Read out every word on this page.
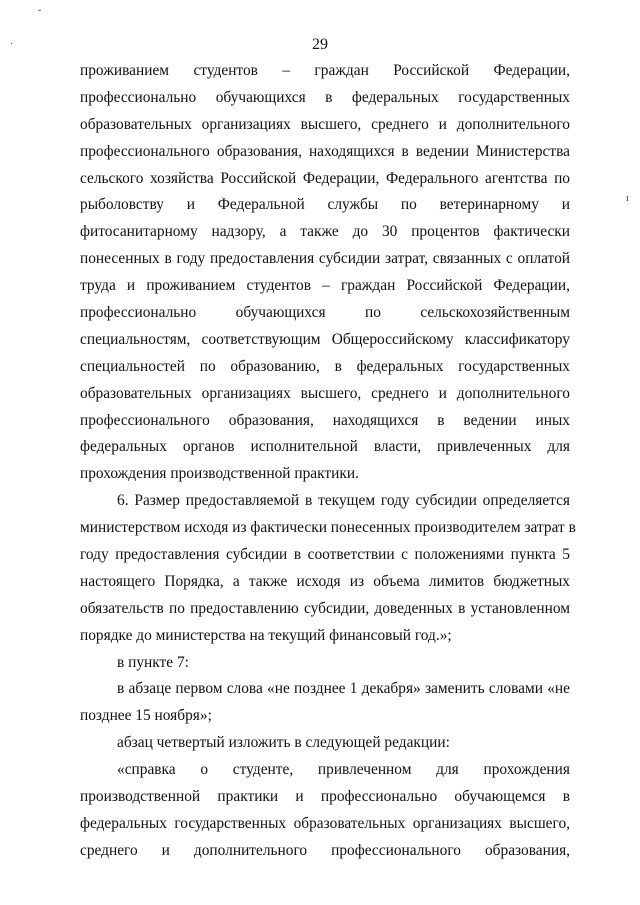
ˇ
·
ı
29
проживанием студентов – граждан Российской Федерации,
профессионально обучающихся в федеральных государственных
образовательных организациях высшего, среднего и дополнительного
профессионального образования, находящихся в ведении Министерства
сельского хозяйства Российской Федерации, Федерального агентства по
рыболовству и Федеральной службы по ветеринарному и
фитосанитарному надзору, а также до 30 процентов фактически
понесенных в году предоставления субсидии затрат, связанных с оплатой
труда и проживанием студентов – граждан Российской Федерации,
профессионально обучающихся по сельскохозяйственным
специальностям, соответствующим Общероссийскому классификатору
специальностей по образованию, в федеральных государственных
образовательных организациях высшего, среднего и дополнительного
профессионального образования, находящихся в ведении иных
федеральных органов исполнительной власти, привлеченных для
прохождения производственной практики.
6. Размер предоставляемой в текущем году субсидии определяется
министерством исходя из фактически понесенных производителем затрат в
году предоставления субсидии в соответствии с положениями пункта 5
настоящего Порядка, а также исходя из объема лимитов бюджетных
обязательств по предоставлению субсидии, доведенных в установленном
порядке до министерства на текущий финансовый год.»;
в пункте 7:
в абзаце первом слова «не позднее 1 декабря» заменить словами «не
позднее 15 ноября»;
абзац четвертый изложить в следующей редакции:
«справка о студенте, привлеченном для прохождения
производственной практики и профессионально обучающемся в
федеральных государственных образовательных организациях высшего,
среднего и дополнительного профессионального образования,
